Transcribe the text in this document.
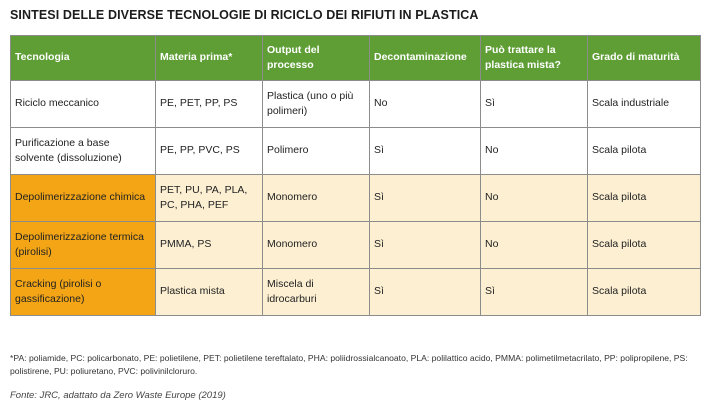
SINTESI DELLE DIVERSE TECNOLOGIE DI RICICLO DEI RIFIUTI IN PLASTICA
Tecnologia	Materia prima*	Output del processo	Decontaminazione	Può trattare la plastica mista?	Grado di maturità
Riciclo meccanico	PE, PET, PP, PS	Plastica (uno o più polimeri)	No	Sì	Scala industriale
Purificazione a base solvente (dissoluzione)	PE, PP, PVC, PS	Polimero	Sì	No	Scala pilota
Depolimerizzazione chimica	PET, PU, PA, PLA, PC, PHA, PEF	Monomero	Sì	No	Scala pilota
Depolimerizzazione termica (pirolisi)	PMMA, PS	Monomero	Sì	No	Scala pilota
Cracking (pirolisi o gassificazione)	Plastica mista	Miscela di idrocarburi	Sì	Sì	Scala pilota
*PA: poliamide, PC: policarbonato, PE: polietilene, PET: polietilene tereftalato, PHA: poliidrossialcanoato, PLA: polilattico acido, PMMA: polimetilmetacrilato, PP: polipropilene, PS: polistirene, PU: poliuretano, PVC: polivinilcloruro.
Fonte: JRC, adattato da Zero Waste Europe (2019)
